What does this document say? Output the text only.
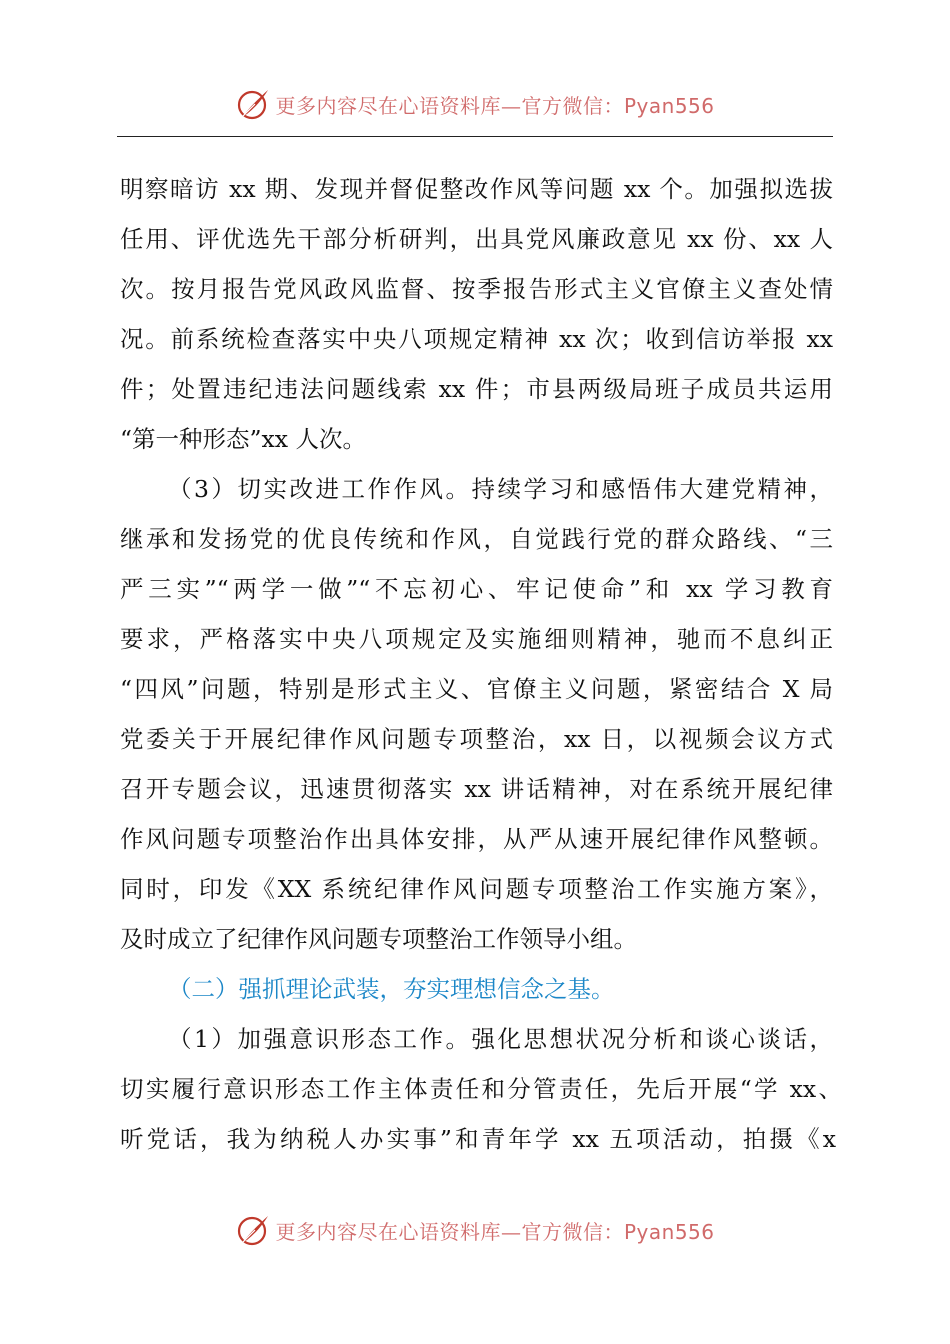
更多内容尽在心语资料库—官方微信：Pyan556
明察暗访 xx 期、发现并督促整改作风等问题 xx 个。加强拟选拔
任用、评优选先干部分析研判，出具党风廉政意见 xx 份、xx 人
次。按月报告党风政风监督、按季报告形式主义官僚主义查处情
况。前系统检查落实中央八项规定精神 xx 次；收到信访举报 xx
件；处置违纪违法问题线索 xx 件；市县两级局班子成员共运用
“第一种形态”xx 人次。
（3）切实改进工作作风。持续学习和感悟伟大建党精神，
继承和发扬党的优良传统和作风，自觉践行党的群众路线、“三
严三实”“两学一做”“不忘初心、牢记使命”和 xx 学习教育
要求，严格落实中央八项规定及实施细则精神，驰而不息纠正
“四风”问题，特别是形式主义、官僚主义问题，紧密结合 X 局
党委关于开展纪律作风问题专项整治，xx 日，以视频会议方式
召开专题会议，迅速贯彻落实 xx 讲话精神，对在系统开展纪律
作风问题专项整治作出具体安排，从严从速开展纪律作风整顿。
同时，印发《XX 系统纪律作风问题专项整治工作实施方案》，
及时成立了纪律作风问题专项整治工作领导小组。
（二）强抓理论武装，夯实理想信念之基。
（1）加强意识形态工作。强化思想状况分析和谈心谈话，
切实履行意识形态工作主体责任和分管责任，先后开展“学 xx、
听党话，我为纳税人办实事”和青年学 xx 五项活动，拍摄《x
更多内容尽在心语资料库—官方微信：Pyan556
